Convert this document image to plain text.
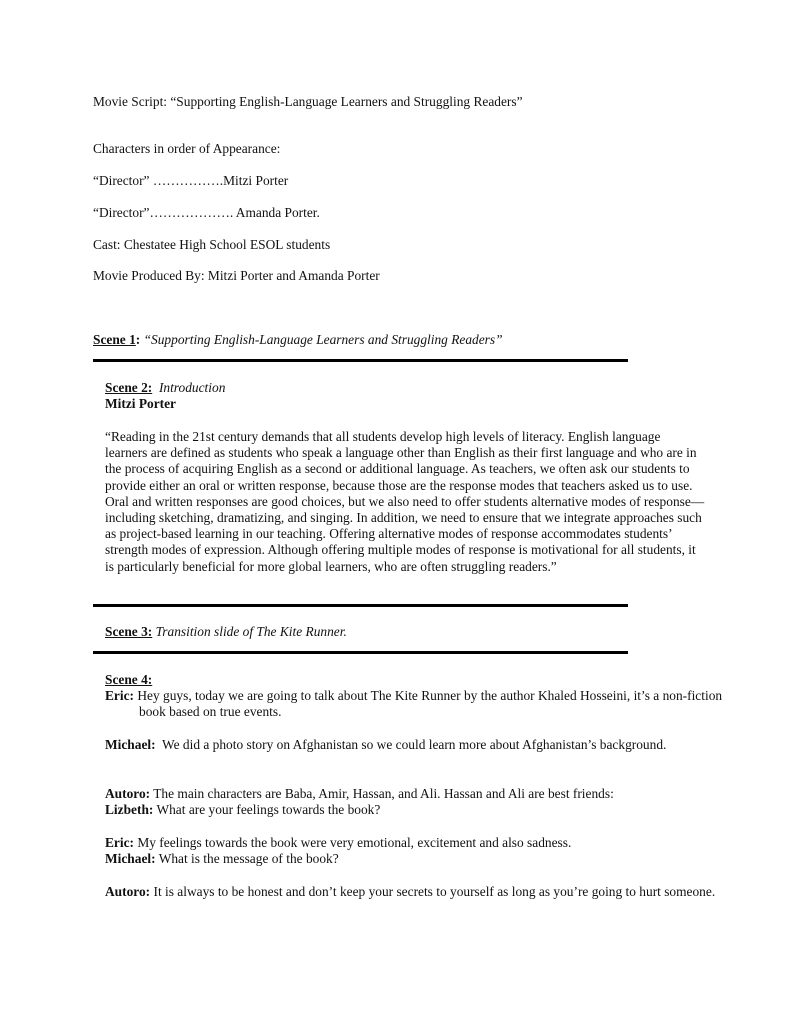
Movie Script: “Supporting English-Language Learners and Struggling Readers”
Characters in order of Appearance:
“Director” …………….Mitzi Porter
“Director”………………. Amanda Porter.
Cast: Chestatee High School ESOL students
Movie Produced By: Mitzi Porter and Amanda Porter
Scene 1: “Supporting English-Language Learners and Struggling Readers”
Scene 2: Introduction
Mitzi Porter
“Reading in the 21st century demands that all students develop high levels of literacy. English language learners are defined as students who speak a language other than English as their first language and who are in the process of acquiring English as a second or additional language. As teachers, we often ask our students to provide either an oral or written response, because those are the response modes that teachers asked us to use. Oral and written responses are good choices, but we also need to offer students alternative modes of response—including sketching, dramatizing, and singing. In addition, we need to ensure that we integrate approaches such as project-based learning in our teaching. Offering alternative modes of response accommodates students’ strength modes of expression. Although offering multiple modes of response is motivational for all students, it is particularly beneficial for more global learners, who are often struggling readers.”
Scene 3: Transition slide of The Kite Runner.
Scene 4:
Eric: Hey guys, today we are going to talk about The Kite Runner by the author Khaled Hosseini, it’s a non-fiction book based on true events.
Michael: We did a photo story on Afghanistan so we could learn more about Afghanistan’s background.
Autoro: The main characters are Baba, Amir, Hassan, and Ali. Hassan and Ali are best friends:
Lizbeth: What are your feelings towards the book?
Eric: My feelings towards the book were very emotional, excitement and also sadness.
Michael: What is the message of the book?
Autoro: It is always to be honest and don’t keep your secrets to yourself as long as you’re going to hurt someone.
